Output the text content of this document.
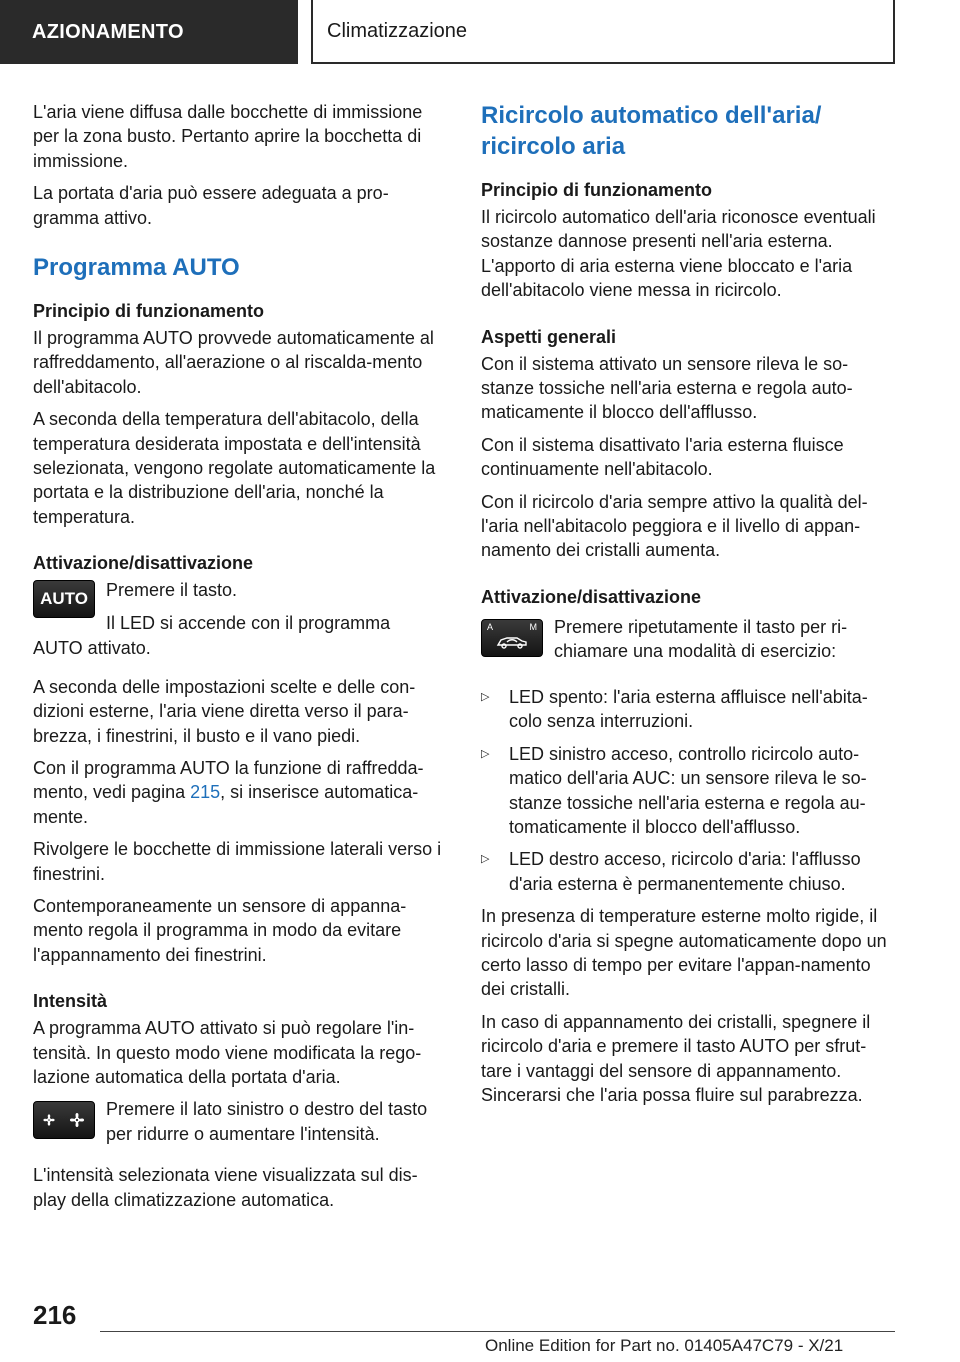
AZIONAMENTO	Climatizzazione

L'aria viene diffusa dalle bocchette di immissione per la zona busto. Pertanto aprire la bocchetta di immissione.

La portata d'aria può essere adeguata a pro-gramma attivo.

Programma AUTO
Principio di funzionamento

Il programma AUTO provvede automaticamente al raffreddamento, all'aerazione o al riscalda-mento dell'abitacolo.

A seconda della temperatura dell'abitacolo, della temperatura desiderata impostata e dell'intensità selezionata, vengono regolate automaticamente la portata e la distribuzione dell'aria, nonché la temperatura.

Attivazione/disattivazione
AUTO Premere il tasto.

Il LED si accende con il programma

AUTO attivato.

A seconda delle impostazioni scelte e delle con-dizioni esterne, l'aria viene diretta verso il para-brezza, i finestrini, il busto e il vano piedi.

Con il programma AUTO la funzione di raffredda-mento, vedi pagina 215, si inserisce automatica-mente.

Rivolgere le bocchette di immissione laterali verso i finestrini.

Contemporaneamente un sensore di appanna-mento regola il programma in modo da evitare l'appannamento dei finestrini.

Intensità

A programma AUTO attivato si può regolare l'in-tensità. In questo modo viene modificata la rego-lazione automatica della portata d'aria.

Premere il lato sinistro o destro del tasto per ridurre o aumentare l'intensità.

L'intensità selezionata viene visualizzata sul dis-play della climatizzazione automatica.

Ricircolo automatico dell'aria/ ricircolo aria
Principio di funzionamento

Il ricircolo automatico dell'aria riconosce eventuali sostanze dannose presenti nell'aria esterna. L'apporto di aria esterna viene bloccato e l'aria dell'abitacolo viene messa in ricircolo.

Aspetti generali

Con il sistema attivato un sensore rileva le so-stanze tossiche nell'aria esterna e regola auto-maticamente il blocco dell'afflusso.

Con il sistema disattivato l'aria esterna fluisce continuamente nell'abitacolo.

Con il ricircolo d'aria sempre attivo la qualità del-l'aria nell'abitacolo peggiora e il livello di appan-namento dei cristalli aumenta.

Attivazione/disattivazione
A	M Premere ripetutamente il tasto per ri-chiamare una modalità di esercizio:

▷ LED spento: l'aria esterna affluisce nell'abita-colo senza interruzioni.
▷ LED sinistro acceso, controllo ricircolo auto-matico dell'aria AUC: un sensore rileva le so-stanze tossiche nell'aria esterna e regola au-tomaticamente il blocco dell'afflusso.
▷ LED destro acceso, ricircolo d'aria: l'afflusso d'aria esterna è permanentemente chiuso.

In presenza di temperature esterne molto rigide, il ricircolo d'aria si spegne automaticamente dopo un certo lasso di tempo per evitare l'appan-namento dei cristalli.

In caso di appannamento dei cristalli, spegnere il ricircolo d'aria e premere il tasto AUTO per sfrut-tare i vantaggi del sensore di appannamento. Sincerarsi che l'aria possa fluire sul parabrezza.

216
Online Edition for Part no. 01405A47C79 - X/21
